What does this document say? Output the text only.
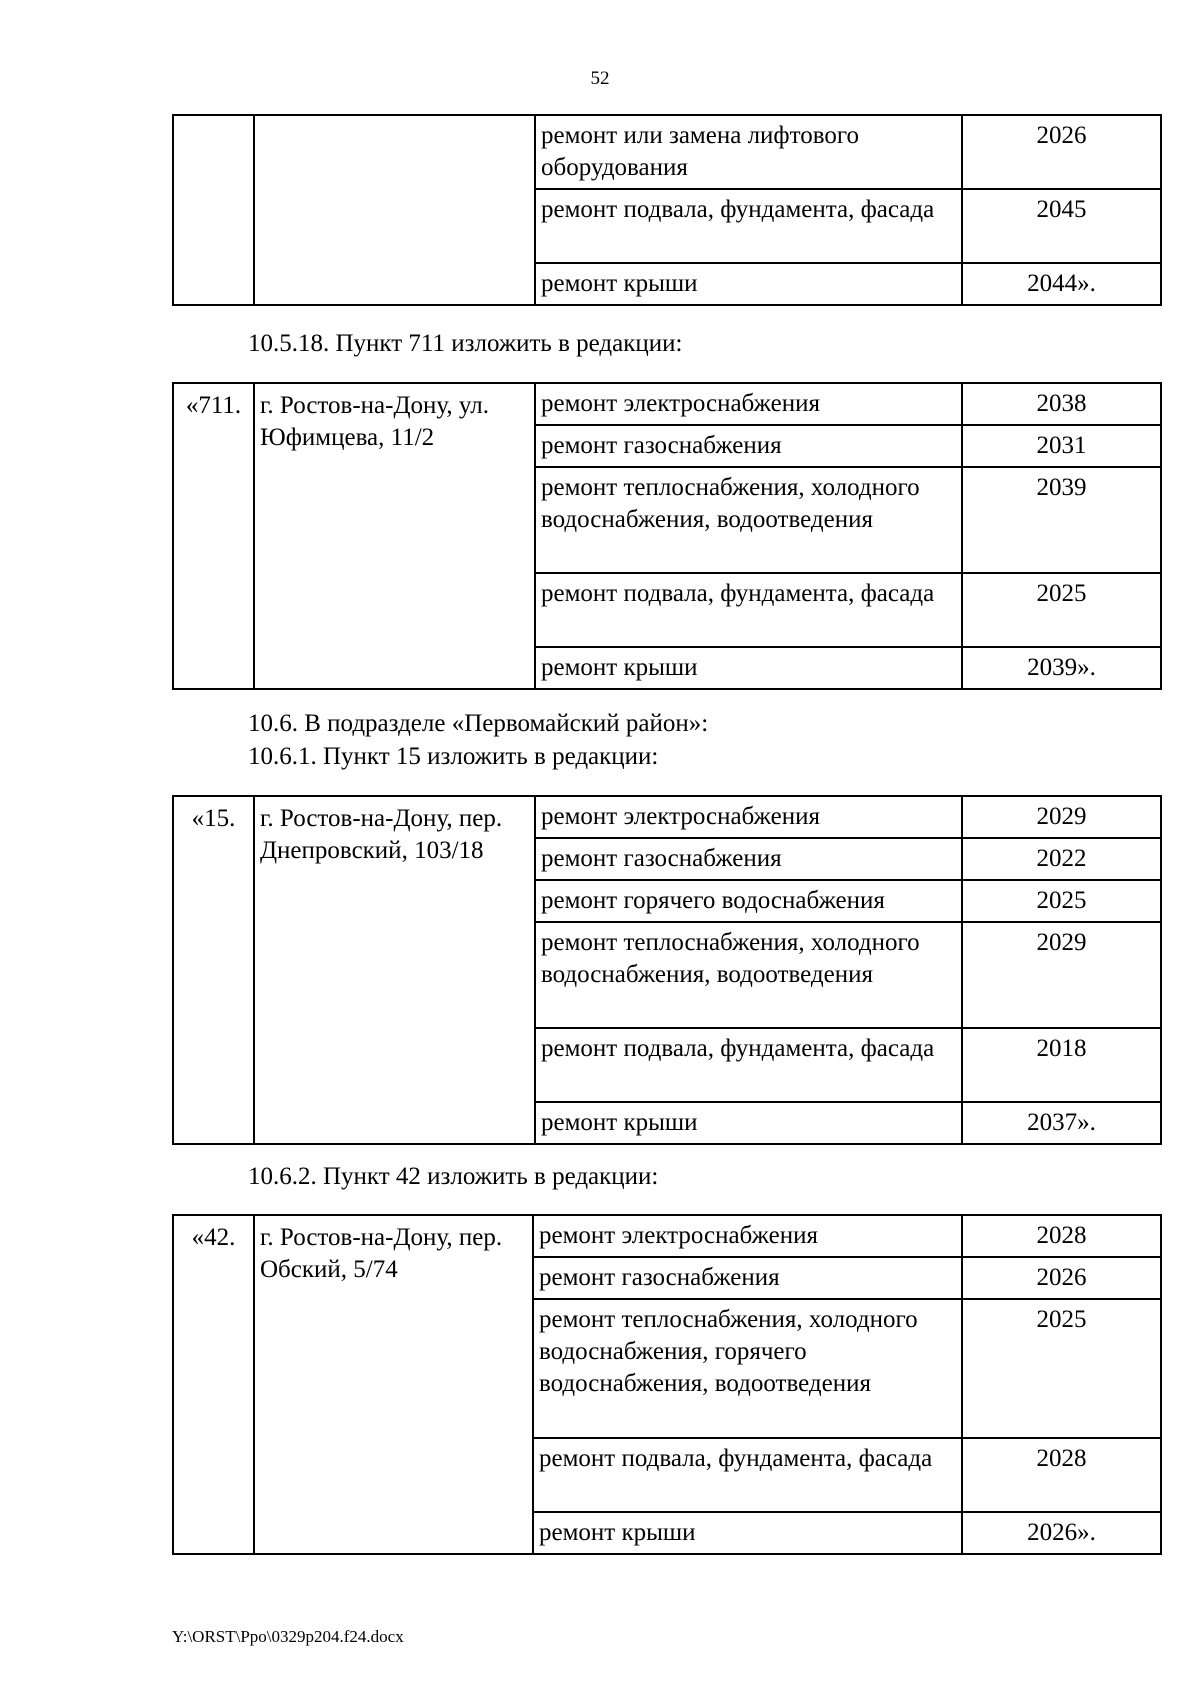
52
		ремонт или замена лифтового оборудования	2026
		ремонт подвала, фундамента, фасада	2045
		ремонт крыши	2044».
10.5.18. Пункт 711 изложить в редакции:
«711.	г. Ростов-на-Дону, ул. Юфимцева, 11/2	ремонт электроснабжения	2038
		ремонт газоснабжения	2031
		ремонт теплоснабжения, холодного водоснабжения, водоотведения	2039
		ремонт подвала, фундамента, фасада	2025
		ремонт крыши	2039».
10.6. В подразделе «Первомайский район»:
10.6.1. Пункт 15 изложить в редакции:
«15.	г. Ростов-на-Дону, пер. Днепровский, 103/18	ремонт электроснабжения	2029
		ремонт газоснабжения	2022
		ремонт горячего водоснабжения	2025
		ремонт теплоснабжения, холодного водоснабжения, водоотведения	2029
		ремонт подвала, фундамента, фасада	2018
		ремонт крыши	2037».
10.6.2. Пункт 42 изложить в редакции:
«42.	г. Ростов-на-Дону, пер. Обский, 5/74	ремонт электроснабжения	2028
		ремонт газоснабжения	2026
		ремонт теплоснабжения, холодного водоснабжения, горячего водоснабжения, водоотведения	2025
		ремонт подвала, фундамента, фасада	2028
		ремонт крыши	2026».
Y:\ORST\Ppo\0329p204.f24.docx
